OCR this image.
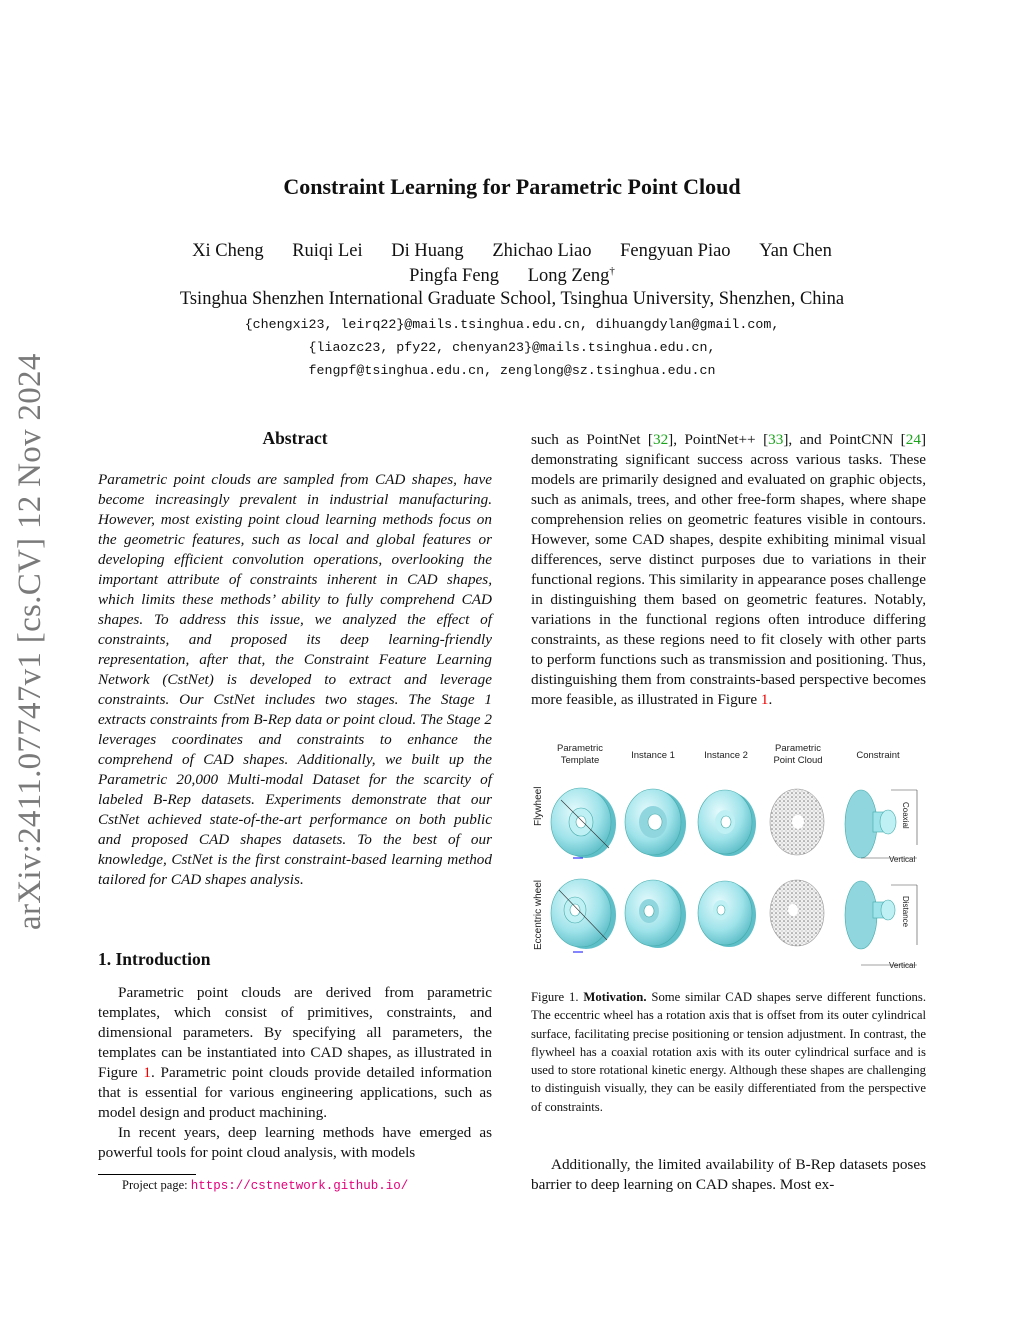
arXiv:2411.07747v1 [cs.CV] 12 Nov 2024
Constraint Learning for Parametric Point Cloud
Xi Cheng Ruiqi Lei Di Huang Zhichao Liao Fengyuan Piao Yan Chen
Pingfa Feng Long Zeng†
Tsinghua Shenzhen International Graduate School, Tsinghua University, Shenzhen, China
{chengxi23, leirq22}@mails.tsinghua.edu.cn, dihuangdylan@gmail.com,
{liaozc23, pfy22, chenyan23}@mails.tsinghua.edu.cn,
fengpf@tsinghua.edu.cn, zenglong@sz.tsinghua.edu.cn
Abstract
Parametric point clouds are sampled from CAD shapes, have become increasingly prevalent in industrial manufacturing. However, most existing point cloud learning methods focus on the geometric features, such as local and global features or developing efficient convolution operations, overlooking the important attribute of constraints inherent in CAD shapes, which limits these methods’ ability to fully comprehend CAD shapes. To address this issue, we analyzed the effect of constraints, and proposed its deep learning-friendly representation, after that, the Constraint Feature Learning Network (CstNet) is developed to extract and leverage constraints. Our CstNet includes two stages. The Stage 1 extracts constraints from B-Rep data or point cloud. The Stage 2 leverages coordinates and constraints to enhance the comprehend of CAD shapes. Additionally, we built up the Parametric 20,000 Multi-modal Dataset for the scarcity of labeled B-Rep datasets. Experiments demonstrate that our CstNet achieved state-of-the-art performance on both public and proposed CAD shapes datasets. To the best of our knowledge, CstNet is the first constraint-based learning method tailored for CAD shapes analysis.
1. Introduction

Parametric point clouds are derived from parametric templates, which consist of primitives, constraints, and dimensional parameters. By specifying all parameters, the templates can be instantiated into CAD shapes, as illustrated in Figure 1. Parametric point clouds provide detailed information that is essential for various engineering applications, such as model design and product machining.

In recent years, deep learning methods have emerged as powerful tools for point cloud analysis, with models

Project page: https://cstnetwork.github.io/

such as PointNet [32], PointNet++ [33], and PointCNN [24] demonstrating significant success across various tasks. These models are primarily designed and evaluated on graphic objects, such as animals, trees, and other free-form shapes, where shape comprehension relies on geometric features visible in contours. However, some CAD shapes, despite exhibiting minimal visual differences, serve distinct purposes due to variations in their functional regions. This similarity in appearance poses challenge in distinguishing them based on geometric features. Notably, variations in the functional regions often introduce differing constraints, as these regions need to fit closely with other parts to perform functions such as transmission and positioning. Thus, distinguishing them from constraints-based perspective becomes more feasible, as illustrated in Figure 1.

Parametric Template	Instance 1	Instance 2
Parametric Point Cloud	Constraint
Flywheel
Eccentric wheel
Coaxial
Vertical
Distance
Vertical
Figure 1. Motivation. Some similar CAD shapes serve different functions. The eccentric wheel has a rotation axis that is offset from its outer cylindrical surface, facilitating precise positioning or tension adjustment. In contrast, the flywheel has a coaxial rotation axis with its outer cylindrical surface and is used to store rotational kinetic energy. Although these shapes are challenging to distinguish visually, they can be easily differentiated from the perspective of constraints.
Additionally, the limited availability of B-Rep datasets poses barrier to deep learning on CAD shapes. Most ex-
